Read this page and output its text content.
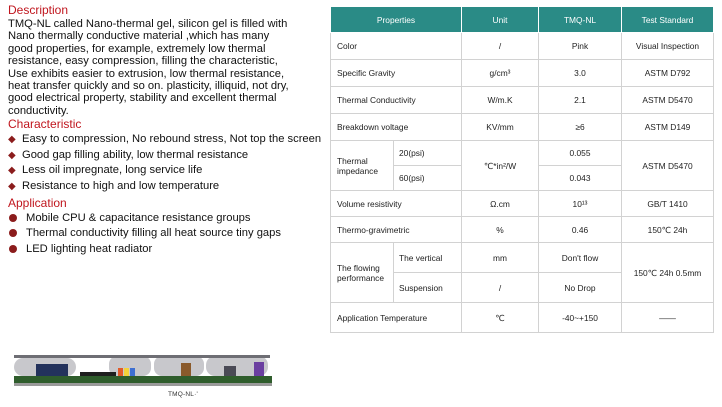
Description
TMQ-NL called Nano-thermal gel, silicon gel is filled with
Nano thermally conductive material ,which has many
good properties, for example, extremely low thermal
resistance, easy compression, filling the characteristic,
Use exhibits easier to extrusion, low thermal resistance,
heat transfer quickly and so on. plasticity, illiquid, not dry,
good electrical property, stability and excellent thermal
conductivity.
Characteristic
◆ Easy to compression, No rebound stress, Not top the screen
◆ Good gap filling ability, low thermal resistance
◆ Less oil impregnate, long service life
◆ Resistance to high and low temperature
Application
Mobile CPU & capacitance resistance groups
Thermal conductivity filling all heat source tiny gaps
LED lighting heat radiator
TMQ-NL·'
Properties		Unit	TMQ-NL	Test Standard
Color		/	Pink	Visual Inspection
Specific Gravity		g/cm³	3.0	ASTM D792
Thermal Conductivity		W/m.K	2.1	ASTM D5470
Breakdown voltage		KV/mm	≥6	ASTM D149
Thermal impedance	20(psi)	℃*in²/W	0.055	ASTM D5470
	60(psi)		0.043	
Volume resistivity		Ω.cm	10¹³	GB/T 1410
Thermo-gravimetric		%	0.46	150℃ 24h
The flowing performance	The vertical	mm	Don't flow	150℃ 24h 0.5mm
	Suspension	/	No Drop	
Application Temperature		℃	-40~+150	——
